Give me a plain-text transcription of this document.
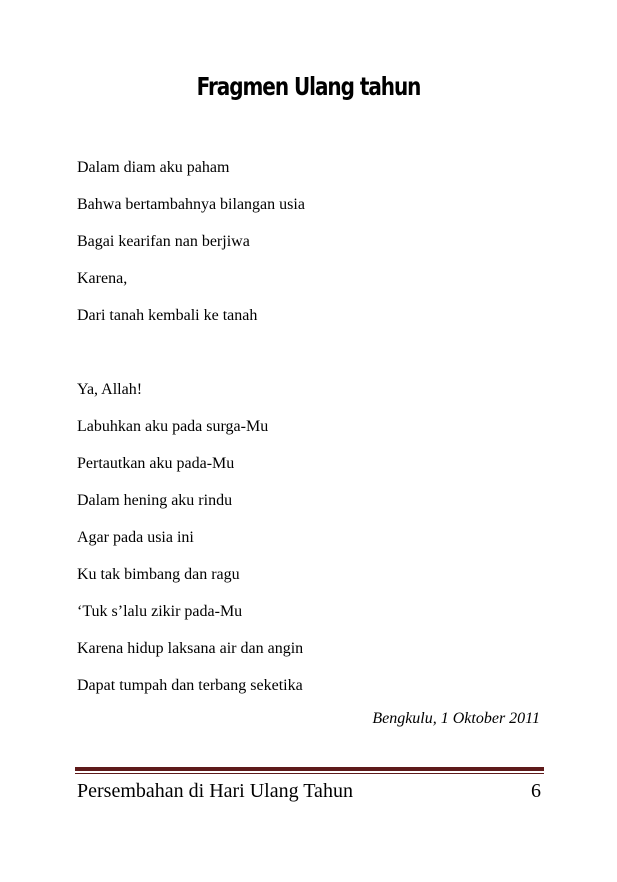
Fragmen Ulang tahun
Dalam diam aku paham
Bahwa bertambahnya bilangan usia
Bagai kearifan nan berjiwa
Karena,
Dari tanah kembali ke tanah
Ya, Allah!
Labuhkan aku pada surga-Mu
Pertautkan aku pada-Mu
Dalam hening aku rindu
Agar pada usia ini
Ku tak bimbang dan ragu
‘Tuk s’lalu zikir pada-Mu
Karena hidup laksana air dan angin
Dapat tumpah dan terbang seketika
Bengkulu, 1 Oktober 2011
Persembahan di Hari Ulang Tahun	6
